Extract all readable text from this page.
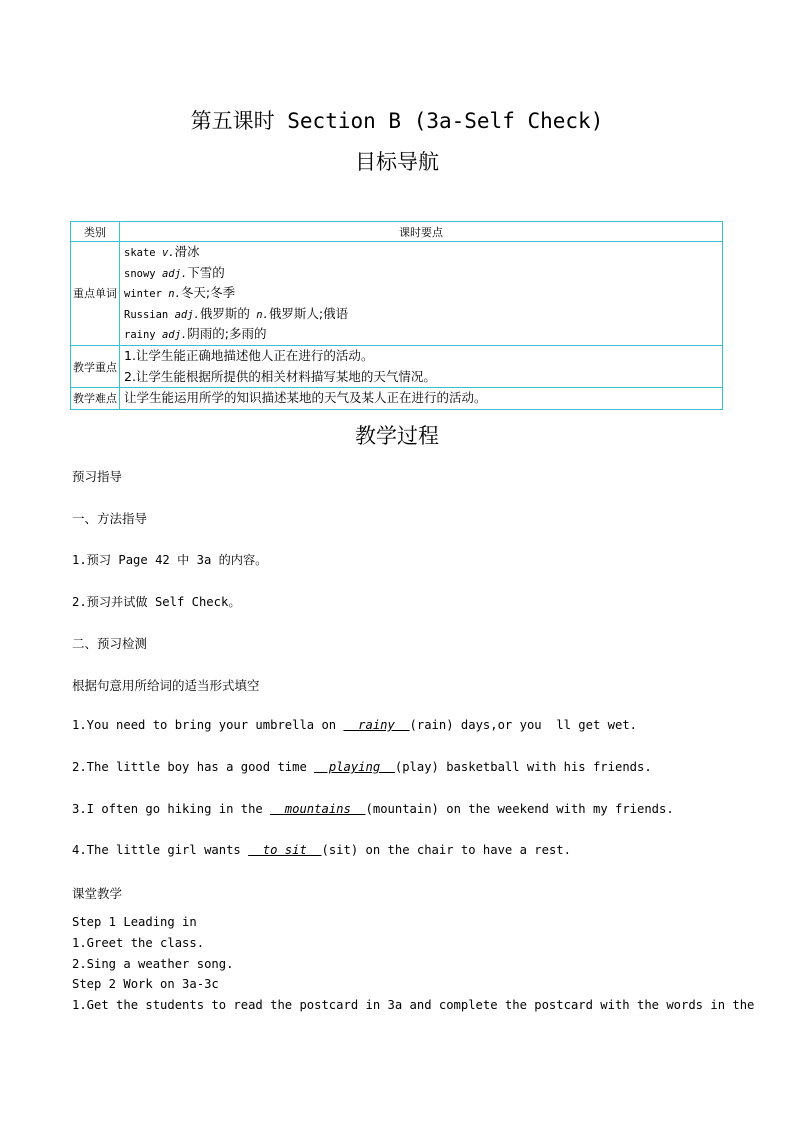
第五课时 Section B (3a-Self Check)
目标导航
类别	课时要点
重点单词	skate v.滑冰
snowy adj.下雪的
winter n.冬天;冬季
Russian adj.俄罗斯的 n.俄罗斯人;俄语
rainy adj.阴雨的;多雨的

教学重点	1.让学生能正确地描述他人正在进行的活动。
2.让学生能根据所提供的相关材料描写某地的天气情况。

教学难点	让学生能运用所学的知识描述某地的天气及某人正在进行的活动。
教学过程
预习指导
一、方法指导
1.预习 Page 42 中 3a 的内容。
2.预习并试做 Self Check。
二、预习检测
根据句意用所给词的适当形式填空
1.You need to bring your umbrella on   rainy  (rain) days,or you  ll get wet.
2.The little boy has a good time   playing  (play) basketball with his friends.
3.I often go hiking in the   mountains  (mountain) on the weekend with my friends.
4.The little girl wants   to sit  (sit) on the chair to have a rest.
课堂教学
Step 1 Leading in
1.Greet the class.
2.Sing a weather song.
Step 2 Work on 3a-3c
1.Get the students to read the postcard in 3a and complete the postcard with the words in the
